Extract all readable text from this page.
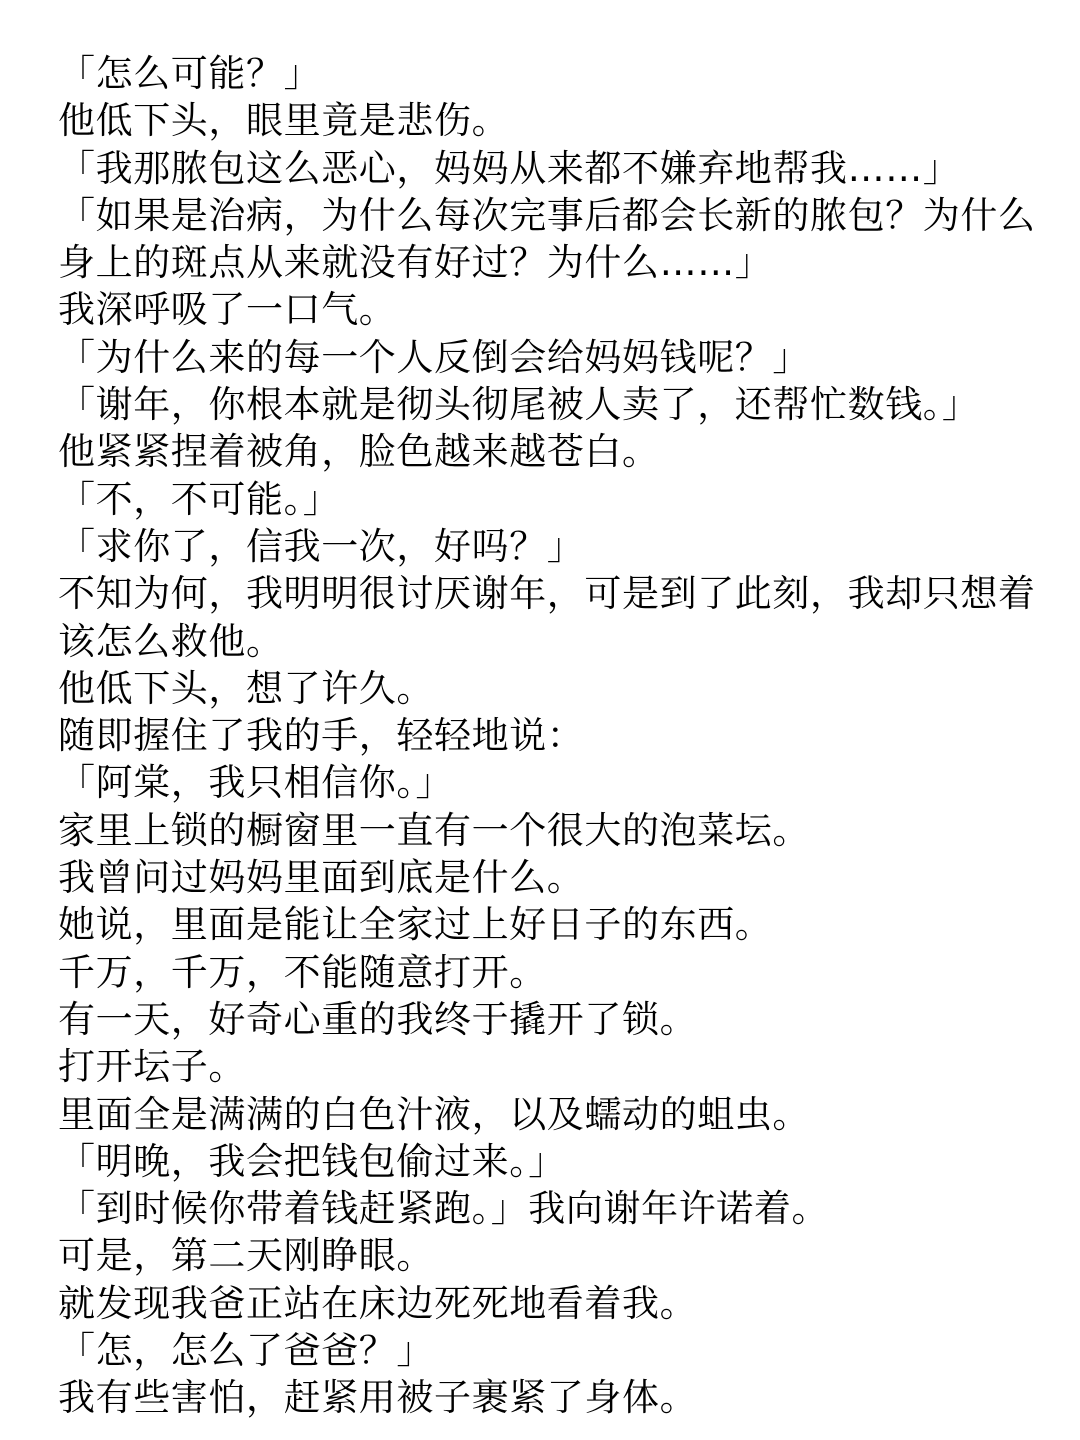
「怎么可能？」
他低下头，眼里竟是悲伤。
「我那脓包这么恶心，妈妈从来都不嫌弃地帮我……」
「如果是治病，为什么每次完事后都会长新的脓包？为什么
身上的斑点从来就没有好过？为什么……」
我深呼吸了一口气。
「为什么来的每一个人反倒会给妈妈钱呢？」
「谢年，你根本就是彻头彻尾被人卖了，还帮忙数钱。」
他紧紧捏着被角，脸色越来越苍白。
「不，不可能。」
「求你了，信我一次，好吗？」
不知为何，我明明很讨厌谢年，可是到了此刻，我却只想着
该怎么救他。
他低下头，想了许久。
随即握住了我的手，轻轻地说：
「阿棠，我只相信你。」
家里上锁的橱窗里一直有一个很大的泡菜坛。
我曾问过妈妈里面到底是什么。
她说，里面是能让全家过上好日子的东西。
千万，千万，不能随意打开。
有一天，好奇心重的我终于撬开了锁。
打开坛子。
里面全是满满的白色汁液，以及蠕动的蛆虫。
「明晚，我会把钱包偷过来。」
「到时候你带着钱赶紧跑。」我向谢年许诺着。
可是，第二天刚睁眼。
就发现我爸正站在床边死死地看着我。
「怎，怎么了爸爸？」
我有些害怕，赶紧用被子裹紧了身体。
